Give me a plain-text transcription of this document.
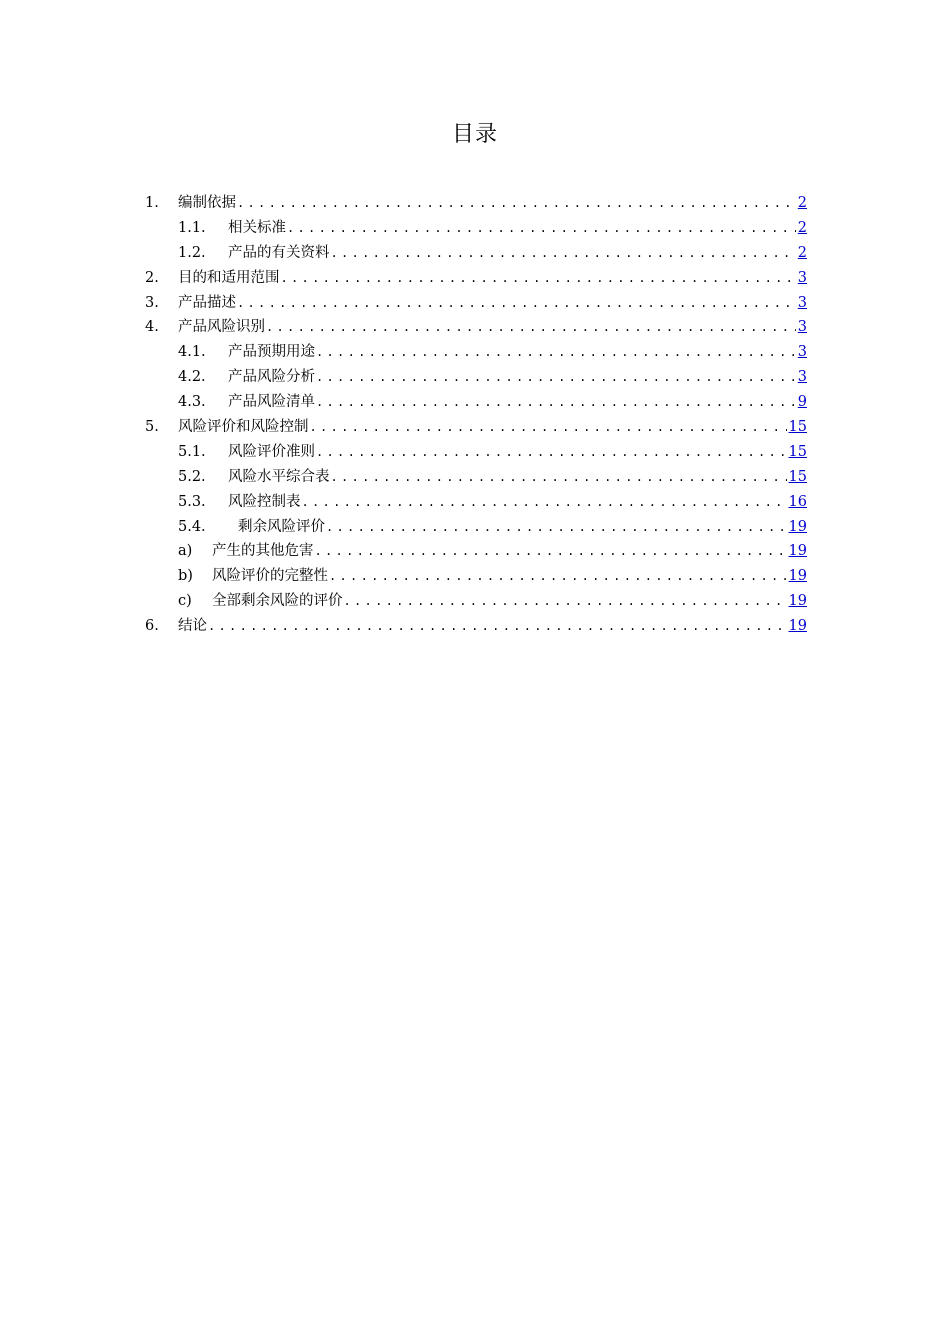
目录
1.	编制依据 .....	2
1.1.	相关标准 .....	2
1.2.	产品的有关资料 .....	2
2.	目的和适用范围 .....	3
3.	产品描述 .....	3
4.	产品风险识别 .....	3
4.1.	产品预期用途 .....	3
4.2.	产品风险分析 .....	3
4.3.	产品风险清单 .....	9
5.	风险评价和风险控制 .....	15
5.1.	风险评价准则 .....	15
5.2.	风险水平综合表 .....	15
5.3.	风险控制表 .....	16
5.4.	剩余风险评价 .....	19
a)	产生的其他危害 .....	19
b)	风险评价的完整性 .....	19
c)	全部剩余风险的评价 .....	19
6.	结论 .....	19
